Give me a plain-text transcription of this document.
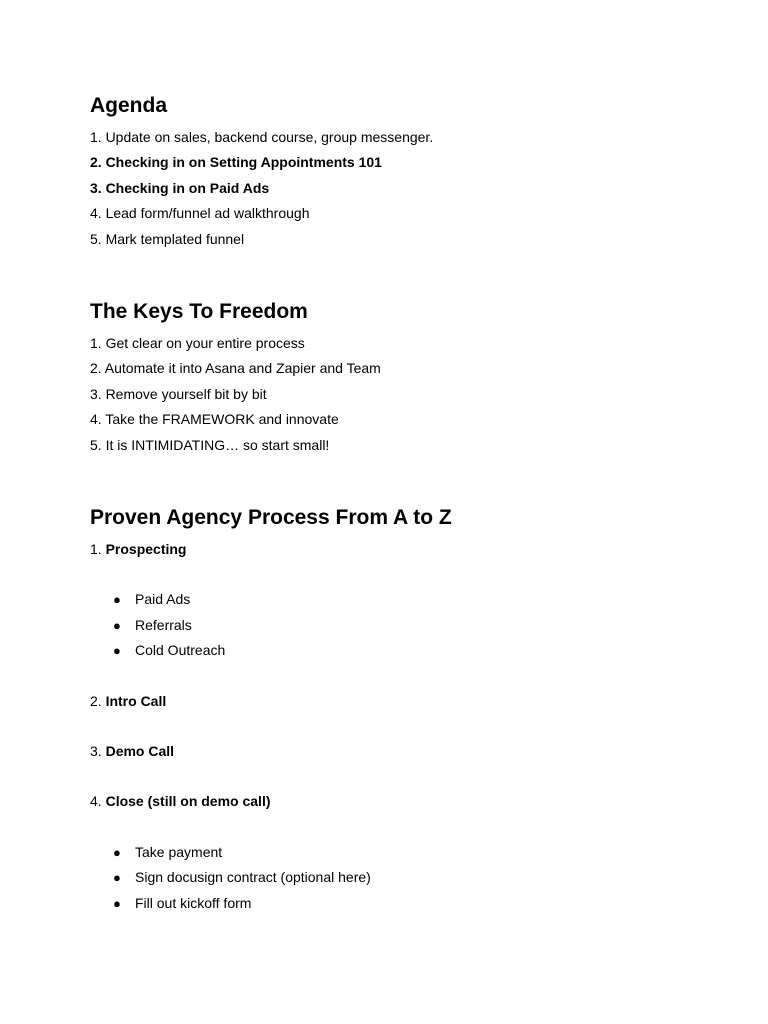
Agenda
1. Update on sales, backend course, group messenger.
2. Checking in on Setting Appointments 101
3. Checking in on Paid Ads
4. Lead form/funnel ad walkthrough
5. Mark templated funnel
The Keys To Freedom
1. Get clear on your entire process
2. Automate it into Asana and Zapier and Team
3. Remove yourself bit by bit
4. Take the FRAMEWORK and innovate
5. It is INTIMIDATING… so start small!
Proven Agency Process From A to Z
1. Prospecting
● Paid Ads
● Referrals
● Cold Outreach
2. Intro Call
3. Demo Call
4. Close (still on demo call)
● Take payment
● Sign docusign contract (optional here)
● Fill out kickoff form
